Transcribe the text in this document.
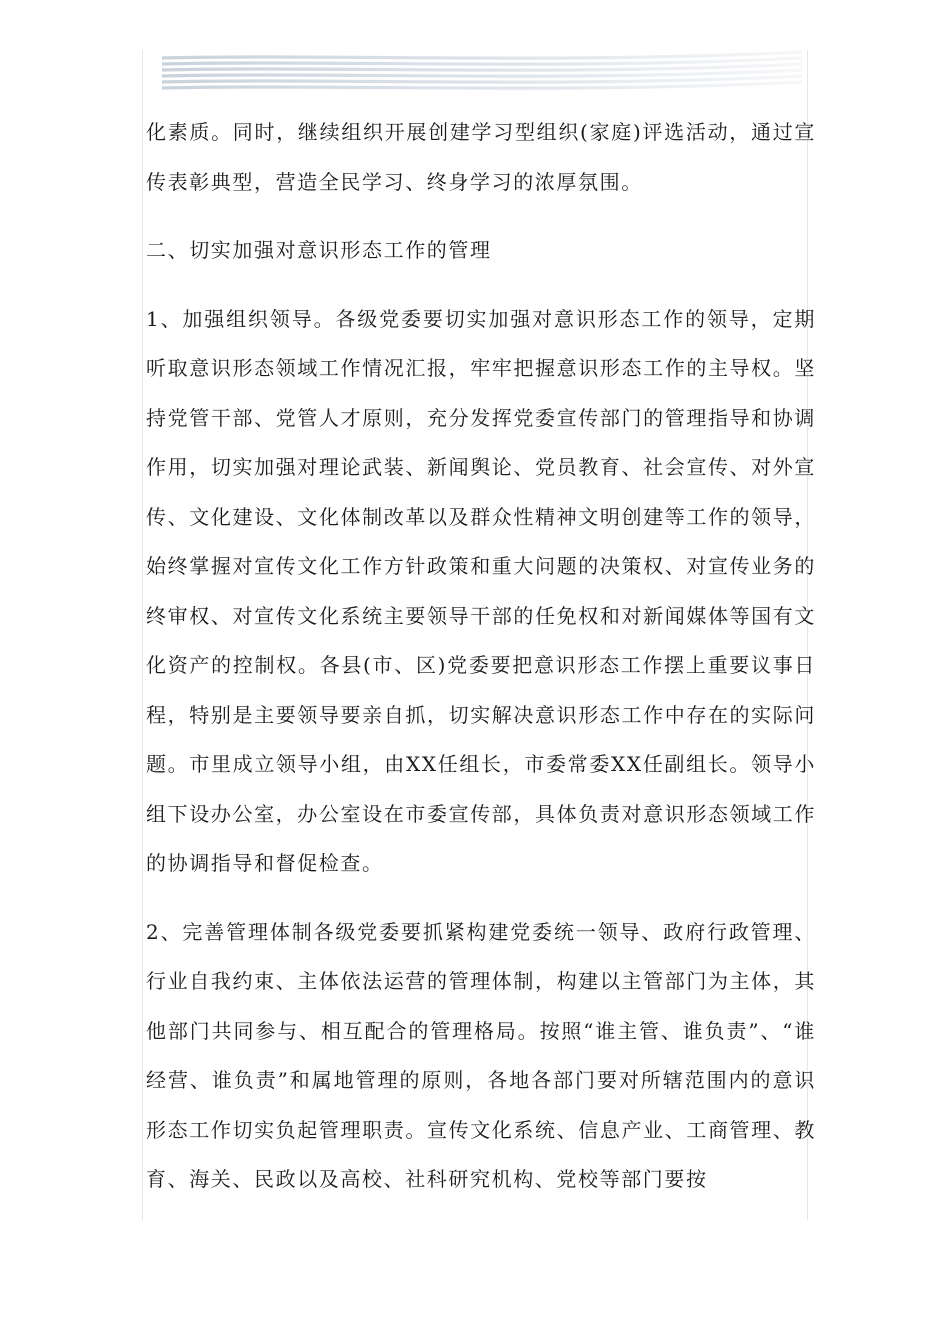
化素质。同时，继续组织开展创建学习型组织(家庭)评选活动，通过宣传表彰典型，营造全民学习、终身学习的浓厚氛围。

二、切实加强对意识形态工作的管理

1、加强组织领导。各级党委要切实加强对意识形态工作的领导，定期听取意识形态领域工作情况汇报，牢牢把握意识形态工作的主导权。坚持党管干部、党管人才原则，充分发挥党委宣传部门的管理指导和协调作用，切实加强对理论武装、新闻舆论、党员教育、社会宣传、对外宣传、文化建设、文化体制改革以及群众性精神文明创建等工作的领导，始终掌握对宣传文化工作方针政策和重大问题的决策权、对宣传业务的终审权、对宣传文化系统主要领导干部的任免权和对新闻媒体等国有文化资产的控制权。各县(市、区)党委要把意识形态工作摆上重要议事日程，特别是主要领导要亲自抓，切实解决意识形态工作中存在的实际问题。市里成立领导小组，由XX任组长，市委常委XX任副组长。领导小组下设办公室，办公室设在市委宣传部，具体负责对意识形态领域工作的协调指导和督促检查。

2、完善管理体制各级党委要抓紧构建党委统一领导、政府行政管理、行业自我约束、主体依法运营的管理体制，构建以主管部门为主体，其他部门共同参与、相互配合的管理格局。按照“谁主管、谁负责”、“谁经营、谁负责”和属地管理的原则，各地各部门要对所辖范围内的意识形态工作切实负起管理职责。宣传文化系统、信息产业、工商管理、教育、海关、民政以及高校、社科研究机构、党校等部门要按
